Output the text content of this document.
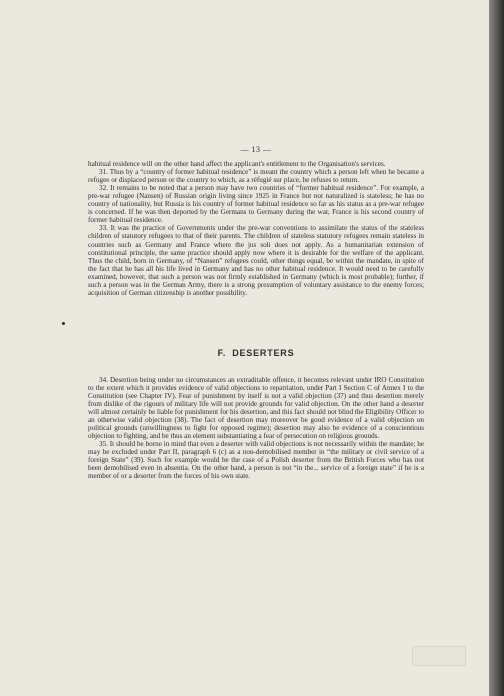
— 13 —

habitual residence will on the other hand affect the applicant's entitlement to the Organisation's services.

31. Thus by a “country of former habitual residence” is meant the country which a person left when he became a refugee or displaced person or the country to which, as a réfugié sur place, he refuses to return.

32. It remains to be noted that a person may have two countries of “former habitual residence”. For example, a pre-war refugee (Nansen) of Russian origin living since 1925 in France but not naturalized is stateless; he has no country of nationality, but Russia is his country of former habitual residence so far as his status as a pre-war refugee is concerned. If he was then deported by the Germans to Germany during the war, France is his second country of former habitual residence.

33. It was the practice of Governments under the pre-war conventions to assimilate the status of the stateless children of statutory refugees to that of their parents. The children of stateless statutory refugees remain stateless in countries such as Germany and France where the jus soli does not apply. As a humanitarian extension of constitutional principle, the same practice should apply now where it is desirable for the welfare of the applicant. Thus the child, born in Germany, of “Nansen” refugees could, other things equal, be within the mandate, in spite of the fact that he has all his life lived in Germany and has no other habitual residence. It would need to be carefully examined, however, that such a person was not firmly established in Germany (which is most probable); further, if such a person was in the German Army, there is a strong presumption of voluntary assistance to the enemy forces; acquisition of German citizenship is another possibility.

F. DESERTERS

34. Desertion being under no circumstances an extraditable offence, it becomes relevant under IRO Constitution to the extent which it provides evidence of valid objections to repatriation, under Part I Section C of Annex I to the Constitution (see Chapter IV). Fear of punishment by itself is not a valid objection (37) and thus desertion merely from dislike of the rigours of military life will not provide grounds for valid objection. On the other hand a deserter will almost certainly be liable for punishment for his desertion, and this fact should not blind the Eligibility Officer to an otherwise valid objection (38). The fact of desertion may moreover be good evidence of a valid objection on political grounds (unwillingness to fight for opposed regime); desertion may also be evidence of a conscientious objection to fighting, and be thus an element substantiating a fear of persecution on religious grounds.

35. It should be borne in mind that even a deserter with valid objections is not necessarily within the mandate; he may be excluded under Part II, paragraph 6 (c) as a non-demobilised member in “the military or civil service of a foreign State” (39). Such for example would be the case of a Polish deserter from the British Forces who has not been demobilised even in absentia. On the other hand, a person is not “in the... service of a foreign state” if he is a member of or a deserter from the forces of his own state.
